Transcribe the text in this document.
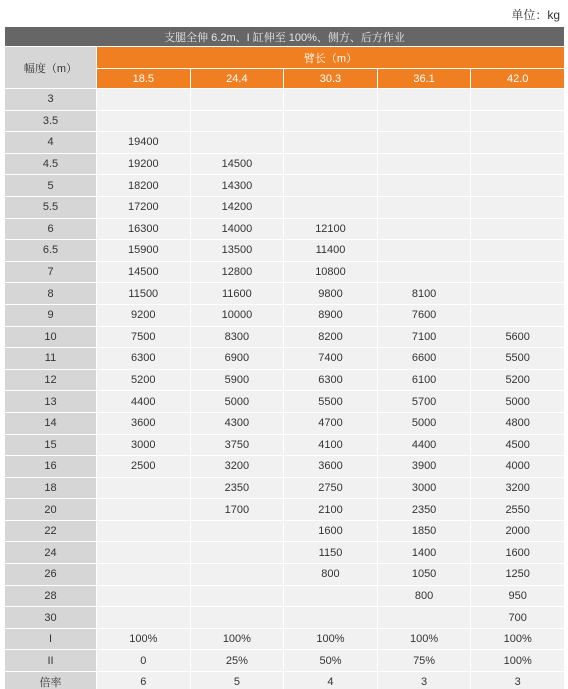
单位：kg
支腿全伸 6.2m、I 缸伸至 100%、侧方、后方作业					
幅度（m）	臂长（m）				
	18.5	24.4	30.3	36.1	42.0
3					
3.5					
4	19400				
4.5	19200	14500			
5	18200	14300			
5.5	17200	14200			
6	16300	14000	12100		
6.5	15900	13500	11400		
7	14500	12800	10800		
8	11500	11600	9800	8100	
9	9200	10000	8900	7600	
10	7500	8300	8200	7100	5600
11	6300	6900	7400	6600	5500
12	5200	5900	6300	6100	5200
13	4400	5000	5500	5700	5000
14	3600	4300	4700	5000	4800
15	3000	3750	4100	4400	4500
16	2500	3200	3600	3900	4000
18		2350	2750	3000	3200
20		1700	2100	2350	2550
22			1600	1850	2000
24			1150	1400	1600
26			800	1050	1250
28				800	950
30					700
I	100%	100%	100%	100%	100%
II	0	25%	50%	75%	100%
倍率	6	5	4	3	3
